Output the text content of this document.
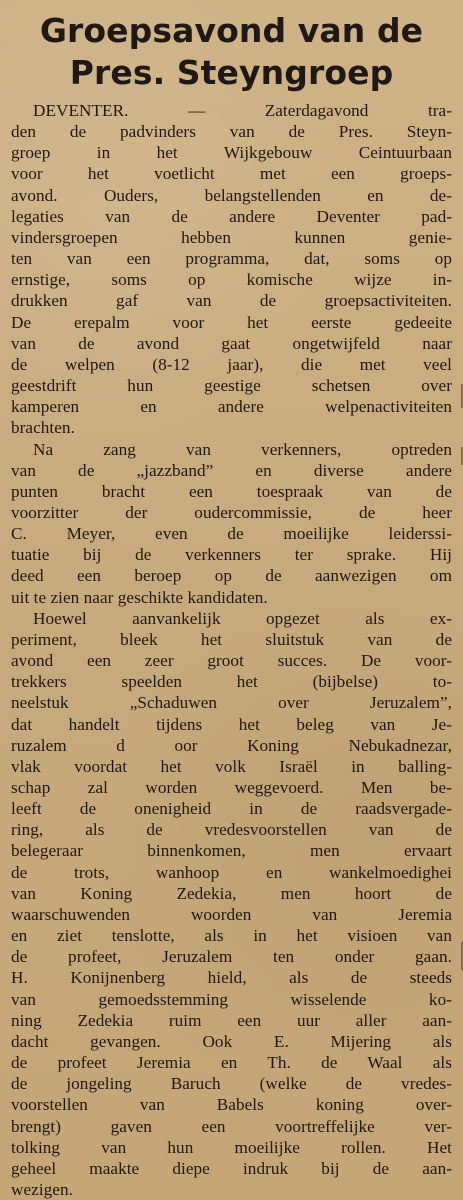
Groepsavond van de
Pres. Steyngroep
DEVENTER. — Zaterdagavond tra-
den de padvinders van de Pres. Steyn-
groep in het Wijkgebouw Ceintuurbaan
voor het voetlicht met een groeps-
avond. Ouders, belangstellenden en de-
legaties van de andere Deventer pad-
vindersgroepen hebben kunnen genie-
ten van een programma, dat, soms op
ernstige, soms op komische wijze in-
drukken gaf van de groepsactiviteiten.
De erepalm voor het eerste gedeeite
van de avond gaat ongetwijfeld naar
de welpen (8-12 jaar), die met veel
geestdrift hun geestige schetsen over
kamperen en andere welpenactiviteiten
brachten.
Na zang van verkenners, optreden
van de „jazzband” en diverse andere
punten bracht een toespraak van de
voorzitter der oudercommissie, de heer
C. Meyer, even de moeilijke leiderssi-
tuatie bij de verkenners ter sprake. Hij
deed een beroep op de aanwezigen om
uit te zien naar geschikte kandidaten.
Hoewel aanvankelijk opgezet als ex-
periment, bleek het sluitstuk van de
avond een zeer groot succes. De voor-
trekkers speelden het (bijbelse) to-
neelstuk „Schaduwen over Jeruzalem”,
dat handelt tijdens het beleg van Je-
ruzalem d oor Koning Nebukadnezar,
vlak voordat het volk Israël in balling-
schap zal worden weggevoerd. Men be-
leeft de onenigheid in de raadsvergade-
ring, als de vredesvoorstellen van de
belegeraar binnenkomen, men ervaart
de trots, wanhoop en wankelmoedighei
van Koning Zedekia, men hoort de
waarschuwenden woorden van Jeremia
en ziet tenslotte, als in het visioen van
de profeet, Jeruzalem ten onder gaan.
H. Konijnenberg hield, als de steeds
van gemoedsstemming wisselende ko-
ning Zedekia ruim een uur aller aan-
dacht gevangen. Ook E. Mijering als
de profeet Jeremia en Th. de Waal als
de jongeling Baruch (welke de vredes-
voorstellen van Babels koning over-
brengt) gaven een voortreffelijke ver-
tolking van hun moeilijke rollen. Het
geheel maakte diepe indruk bij de aan-
wezigen.
